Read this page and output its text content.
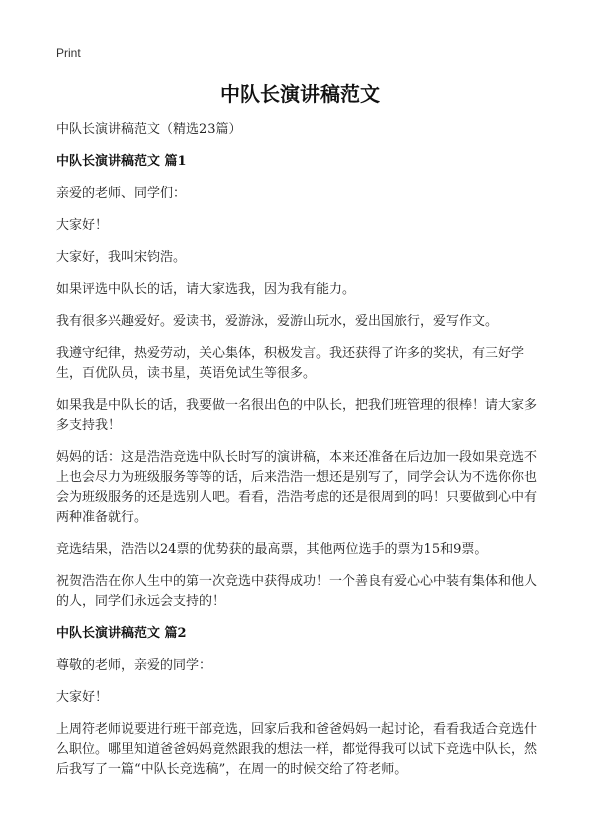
Print
中队长演讲稿范文

中队长演讲稿范文（精选23篇）

中队长演讲稿范文 篇1

亲爱的老师、同学们：

大家好！

大家好，我叫宋钧浩。

如果评选中队长的话，请大家选我，因为我有能力。

我有很多兴趣爱好。爱读书，爱游泳，爱游山玩水，爱出国旅行，爱写作文。

我遵守纪律，热爱劳动，关心集体，积极发言。我还获得了许多的奖状，有三好学生，百优队员，读书星，英语免试生等很多。

如果我是中队长的话，我要做一名很出色的中队长，把我们班管理的很棒！请大家多多支持我！

妈妈的话：这是浩浩竞选中队长时写的演讲稿，本来还准备在后边加一段如果竞选不上也会尽力为班级服务等等的话，后来浩浩一想还是别写了，同学会认为不选你你也会为班级服务的还是选别人吧。看看，浩浩考虑的还是很周到的吗！只要做到心中有两种准备就行。

竞选结果，浩浩以24票的优势获的最高票，其他两位选手的票为15和9票。

祝贺浩浩在你人生中的第一次竞选中获得成功！一个善良有爱心心中装有集体和他人的人，同学们永远会支持的！

中队长演讲稿范文 篇2

尊敬的老师，亲爱的同学：

大家好！

上周符老师说要进行班干部竞选，回家后我和爸爸妈妈一起讨论，看看我适合竞选什么职位。哪里知道爸爸妈妈竟然跟我的想法一样，都觉得我可以试下竞选中队长，然后我写了一篇“中队长竞选稿”，在周一的时候交给了符老师。
